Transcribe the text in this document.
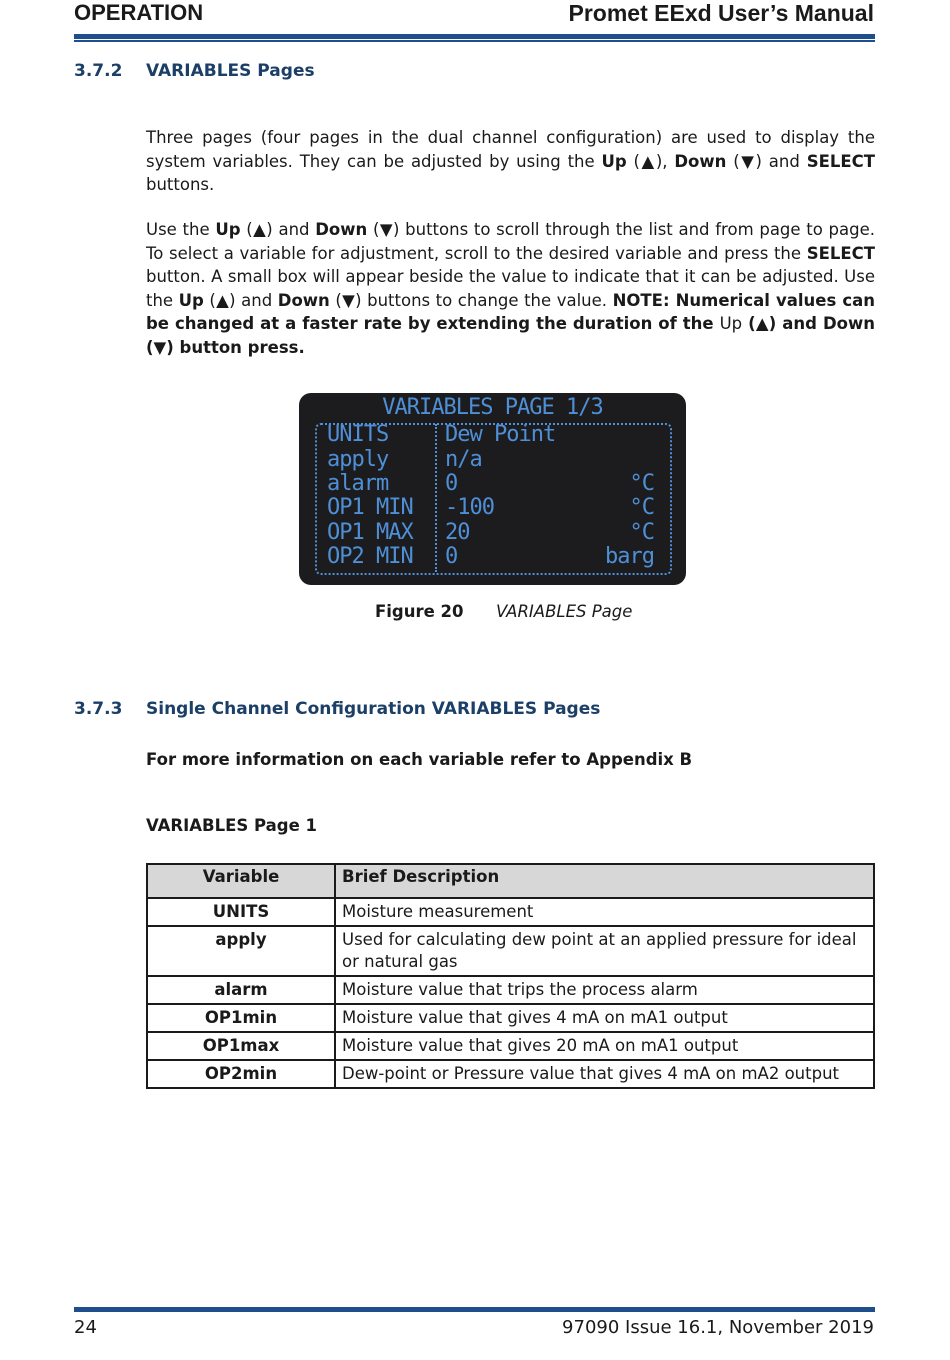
OPERATION	Promet EExd User’s Manual
3.7.2 VARIABLES Pages
Three pages (four pages in the dual channel configuration) are used to display the system variables. They can be adjusted by using the Up (▲), Down (▼) and SELECT buttons.
Use the Up (▲) and Down (▼) buttons to scroll through the list and from page to page. To select a variable for adjustment, scroll to the desired variable and press the SELECT button. A small box will appear beside the value to indicate that it can be adjusted. Use the Up (▲) and Down (▼) buttons to change the value. NOTE: Numerical values can be changed at a faster rate by extending the duration of the Up (▲) and Down (▼) button press.
VARIABLES PAGE 1/3
UNITS	Dew Point
apply	n/a
alarm	0	°C
OP1 MIN -100	°C
OP1 MAX 20	°C
OP2 MIN 0	barg
Figure 20 VARIABLES Page
3.7.3 Single Channel Configuration VARIABLES Pages
For more information on each variable refer to Appendix B
VARIABLES Page 1
Variable	Brief Description
UNITS	Moisture measurement
apply	Used for calculating dew point at an applied pressure for ideal or natural gas
alarm	Moisture value that trips the process alarm
OP1min	Moisture value that gives 4 mA on mA1 output
OP1max	Moisture value that gives 20 mA on mA1 output
OP2min	Dew-point or Pressure value that gives 4 mA on mA2 output
24	97090 Issue 16.1, November 2019
